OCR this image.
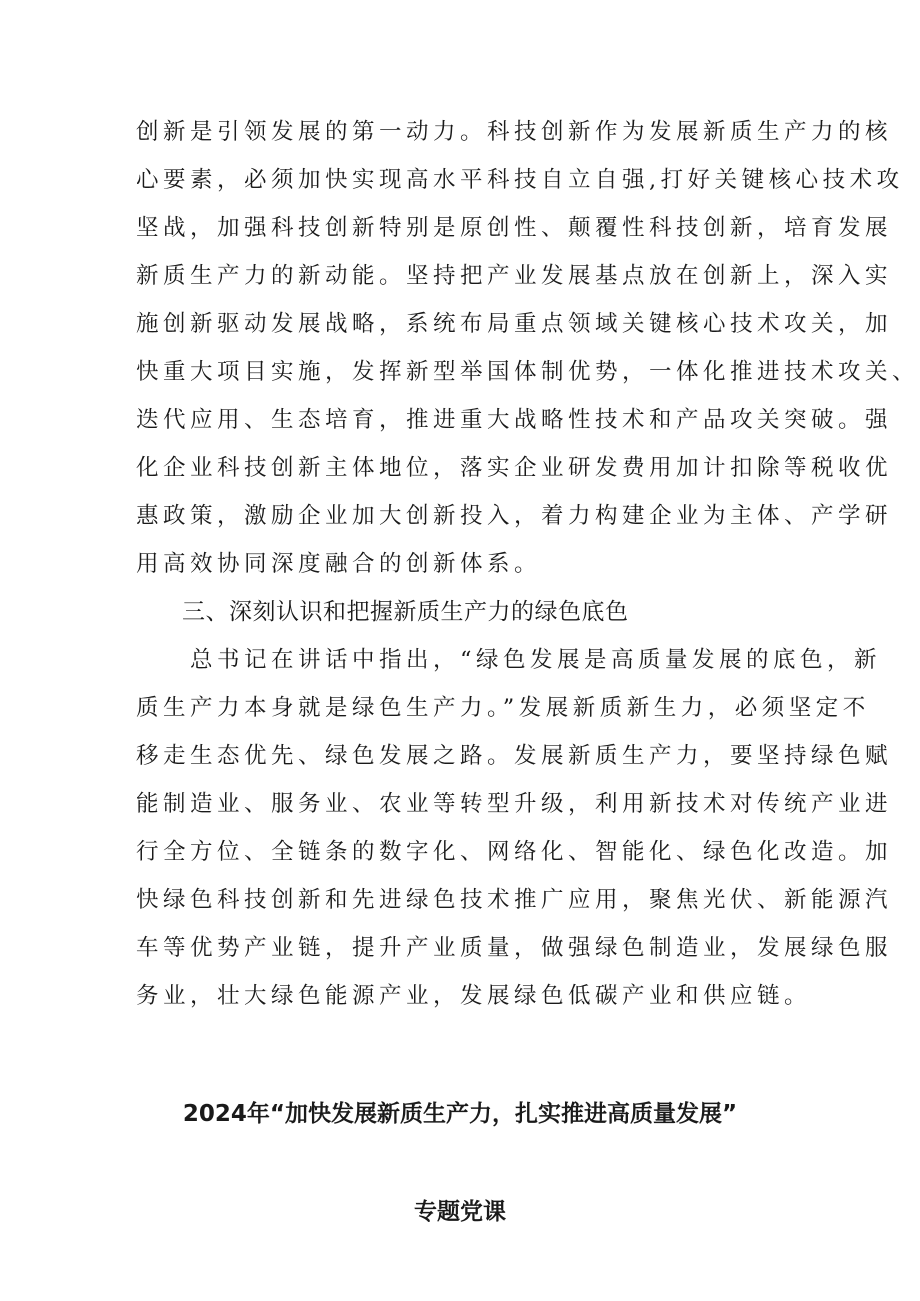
创新是引领发展的第一动力。科技创新作为发展新质生产力的核
心要素，必须加快实现高水平科技自立自强,打好关键核心技术攻
坚战，加强科技创新特别是原创性、颠覆性科技创新，培育发展
新质生产力的新动能。坚持把产业发展基点放在创新上，深入实
施创新驱动发展战略，系统布局重点领域关键核心技术攻关，加
快重大项目实施，发挥新型举国体制优势，一体化推进技术攻关、
迭代应用、生态培育，推进重大战略性技术和产品攻关突破。强
化企业科技创新主体地位，落实企业研发费用加计扣除等税收优
惠政策，激励企业加大创新投入，着力构建企业为主体、产学研
用高效协同深度融合的创新体系。
三、深刻认识和把握新质生产力的绿色底色
　　总书记在讲话中指出，“绿色发展是高质量发展的底色，新
质生产力本身就是绿色生产力。”发展新质新生力，必须坚定不
移走生态优先、绿色发展之路。发展新质生产力，要坚持绿色赋
能制造业、服务业、农业等转型升级，利用新技术对传统产业进
行全方位、全链条的数字化、网络化、智能化、绿色化改造。加
快绿色科技创新和先进绿色技术推广应用，聚焦光伏、新能源汽
车等优势产业链，提升产业质量，做强绿色制造业，发展绿色服
务业，壮大绿色能源产业，发展绿色低碳产业和供应链。
2024年“加快发展新质生产力，扎实推进高质量发展”
专题党课
